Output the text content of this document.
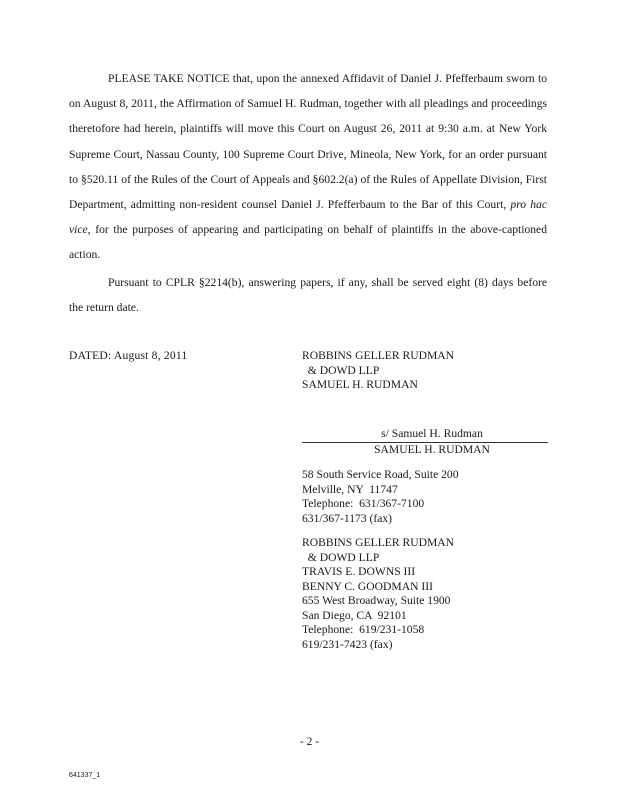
PLEASE TAKE NOTICE that, upon the annexed Affidavit of Daniel J. Pfefferbaum sworn to on August 8, 2011, the Affirmation of Samuel H. Rudman, together with all pleadings and proceedings theretofore had herein, plaintiffs will move this Court on August 26, 2011 at 9:30 a.m. at New York Supreme Court, Nassau County, 100 Supreme Court Drive, Mineola, New York, for an order pursuant to §520.11 of the Rules of the Court of Appeals and §602.2(a) of the Rules of Appellate Division, First Department, admitting non-resident counsel Daniel J. Pfefferbaum to the Bar of this Court, pro hac vice, for the purposes of appearing and participating on behalf of plaintiffs in the above-captioned action.

Pursuant to CPLR §2214(b), answering papers, if any, shall be served eight (8) days before the return date.

DATED: August 8, 2011	ROBBINS GELLER RUDMAN
& DOWD LLP
SAMUEL H. RUDMAN
s/ Samuel H. Rudman
SAMUEL H. RUDMAN
58 South Service Road, Suite 200
Melville, NY  11747
Telephone:  631/367-7100
631/367-1173 (fax)
ROBBINS GELLER RUDMAN
& DOWD LLP
TRAVIS E. DOWNS III
BENNY C. GOODMAN III
655 West Broadway, Suite 1900
San Diego, CA  92101
Telephone:  619/231-1058
619/231-7423 (fax)
- 2 -
641337_1
